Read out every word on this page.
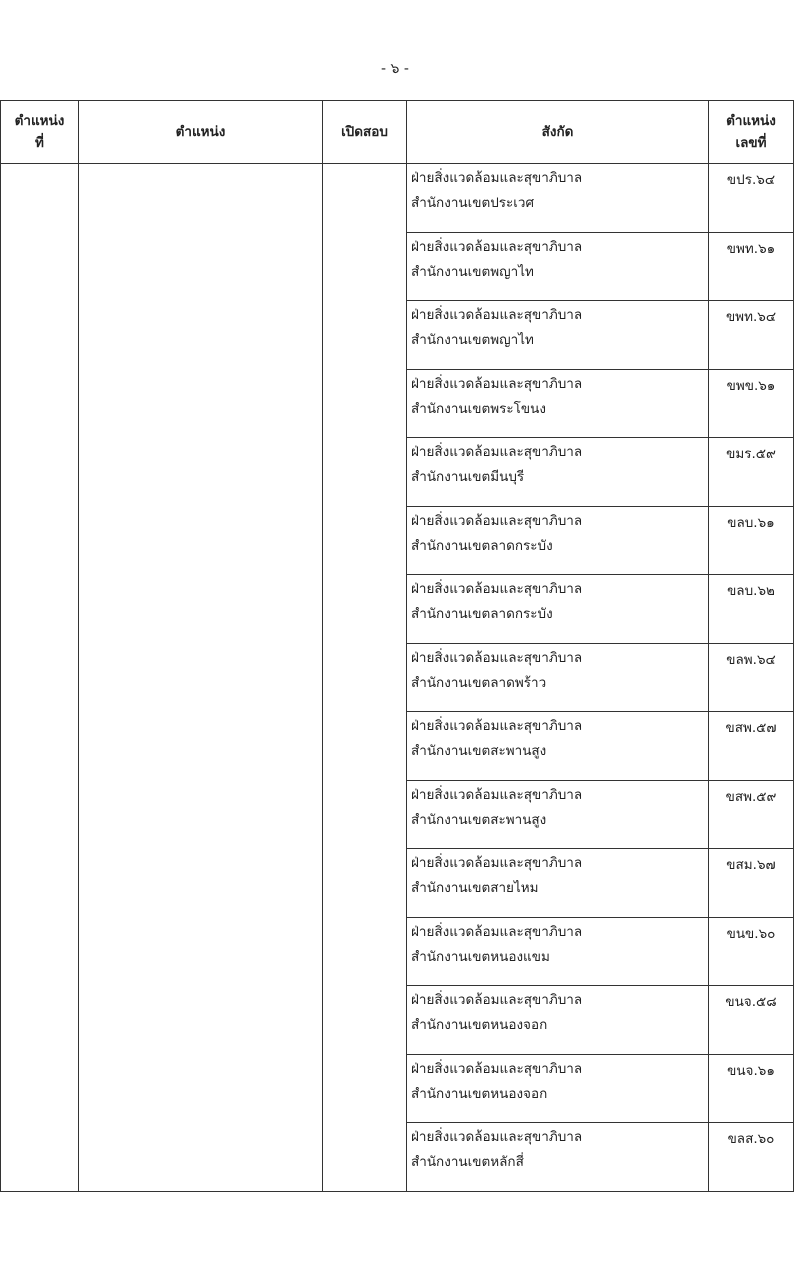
- ๖ -
ตำแหน่ง
ที่	ตำแหน่ง	เปิดสอบ	สังกัด	ตำแหน่ง
เลขที่
			ฝ่ายสิ่งแวดล้อมและสุขาภิบาล
สำนักงานเขตประเวศ	ขปร.๖๔
			ฝ่ายสิ่งแวดล้อมและสุขาภิบาล
สำนักงานเขตพญาไท	ขพท.๖๑
			ฝ่ายสิ่งแวดล้อมและสุขาภิบาล
สำนักงานเขตพญาไท	ขพท.๖๔
			ฝ่ายสิ่งแวดล้อมและสุขาภิบาล
สำนักงานเขตพระโขนง	ขพข.๖๑
			ฝ่ายสิ่งแวดล้อมและสุขาภิบาล
สำนักงานเขตมีนบุรี	ขมร.๕๙
			ฝ่ายสิ่งแวดล้อมและสุขาภิบาล
สำนักงานเขตลาดกระบัง	ขลบ.๖๑
			ฝ่ายสิ่งแวดล้อมและสุขาภิบาล
สำนักงานเขตลาดกระบัง	ขลบ.๖๒
			ฝ่ายสิ่งแวดล้อมและสุขาภิบาล
สำนักงานเขตลาดพร้าว	ขลพ.๖๔
			ฝ่ายสิ่งแวดล้อมและสุขาภิบาล
สำนักงานเขตสะพานสูง	ขสพ.๕๗
			ฝ่ายสิ่งแวดล้อมและสุขาภิบาล
สำนักงานเขตสะพานสูง	ขสพ.๕๙
			ฝ่ายสิ่งแวดล้อมและสุขาภิบาล
สำนักงานเขตสายไหม	ขสม.๖๗
			ฝ่ายสิ่งแวดล้อมและสุขาภิบาล
สำนักงานเขตหนองแขม	ขนข.๖๐
			ฝ่ายสิ่งแวดล้อมและสุขาภิบาล
สำนักงานเขตหนองจอก	ขนจ.๕๘
			ฝ่ายสิ่งแวดล้อมและสุขาภิบาล
สำนักงานเขตหนองจอก	ขนจ.๖๑
			ฝ่ายสิ่งแวดล้อมและสุขาภิบาล
สำนักงานเขตหลักสี่	ขลส.๖๐
